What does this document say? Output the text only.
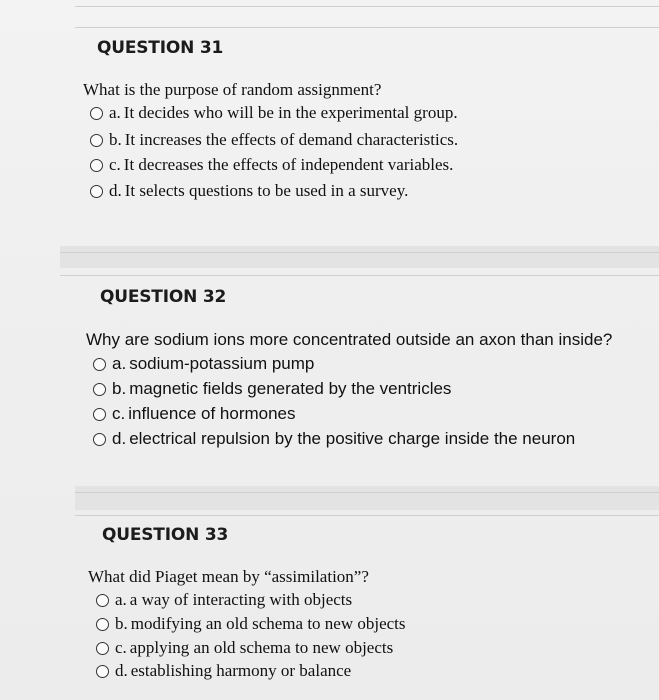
QUESTION 31
What is the purpose of random assignment?
a. It decides who will be in the experimental group.
b. It increases the effects of demand characteristics.
c. It decreases the effects of independent variables.
d. It selects questions to be used in a survey.
QUESTION 32
Why are sodium ions more concentrated outside an axon than inside?
a. sodium-potassium pump
b. magnetic fields generated by the ventricles
c. influence of hormones
d. electrical repulsion by the positive charge inside the neuron
QUESTION 33
What did Piaget mean by “assimilation”?
a. a way of interacting with objects
b. modifying an old schema to new objects
c. applying an old schema to new objects
d. establishing harmony or balance
